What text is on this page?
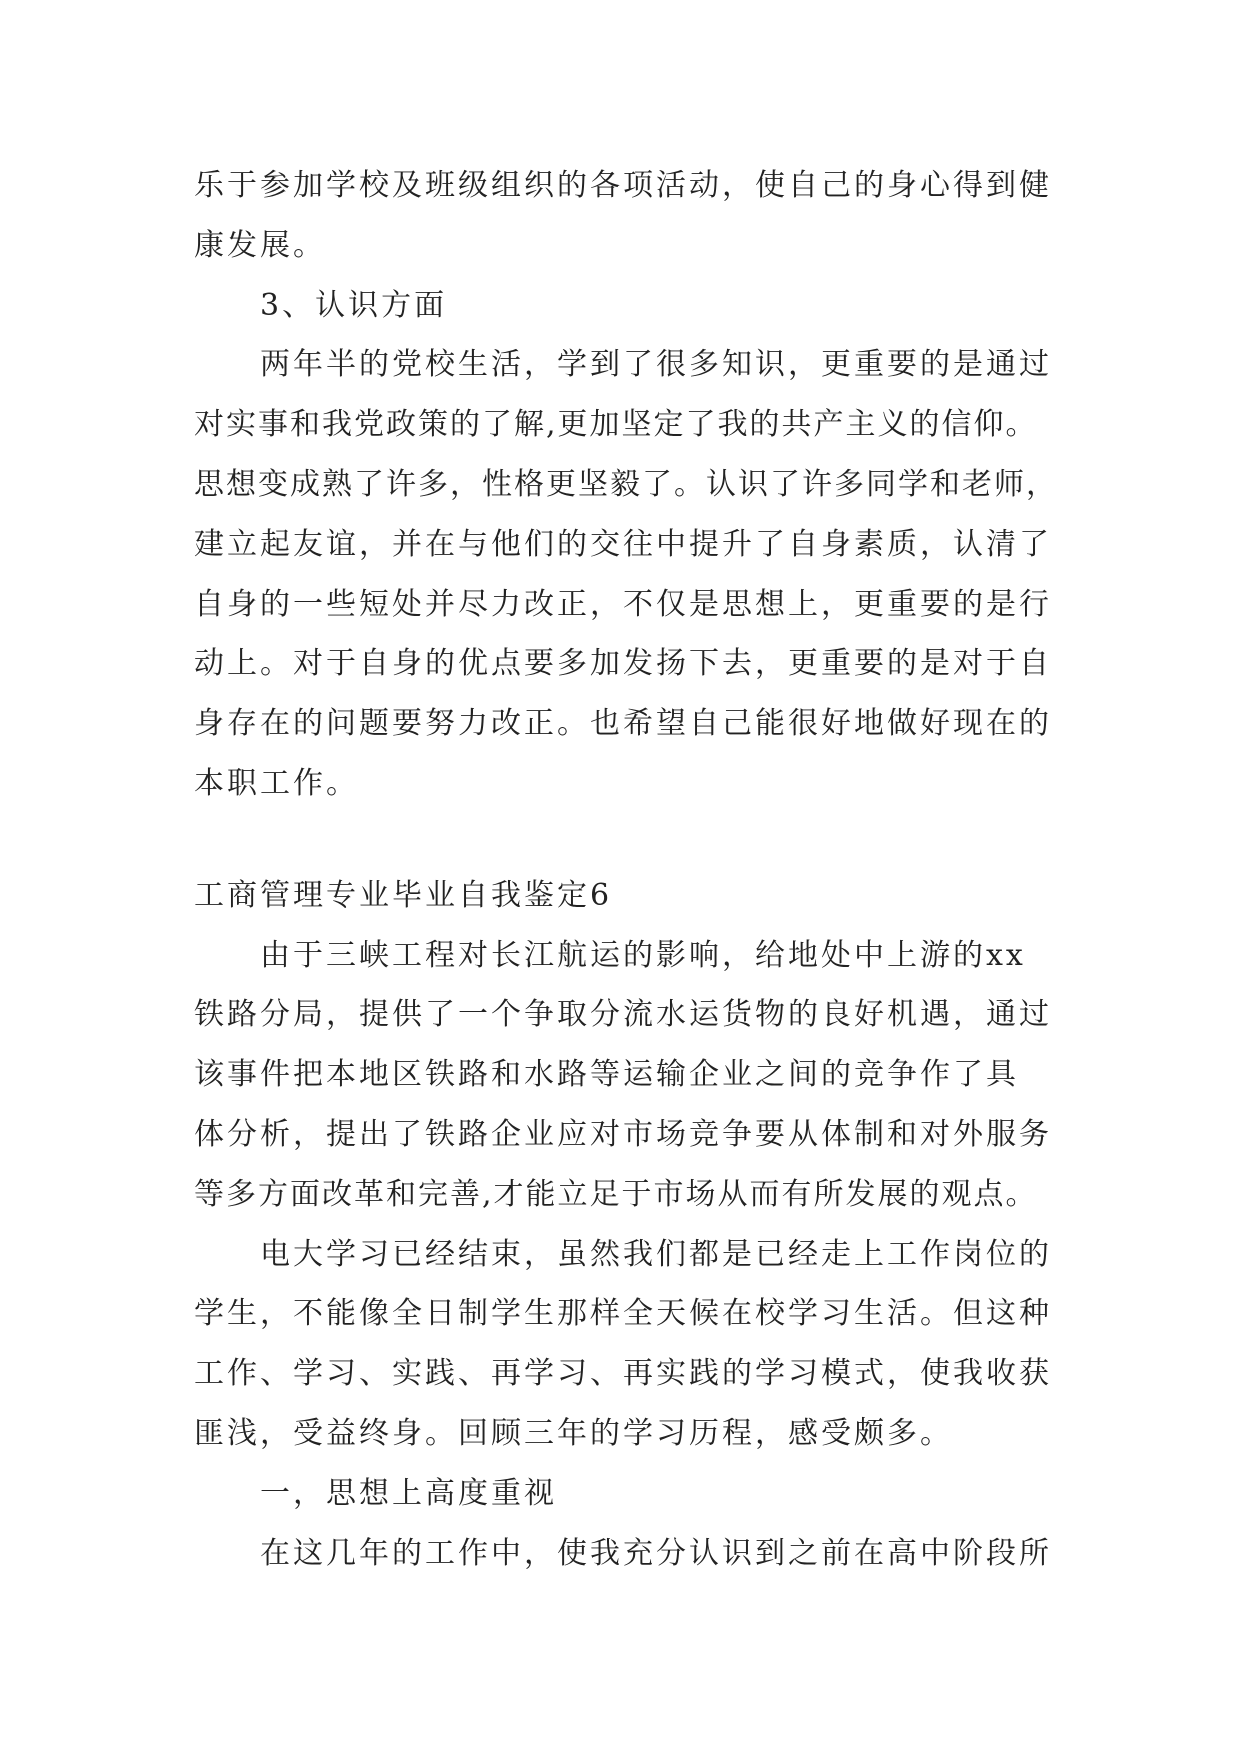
乐于参加学校及班级组织的各项活动，使自己的身心得到健
康发展。
3、认识方面
两年半的党校生活，学到了很多知识，更重要的是通过
对实事和我党政策的了解,更加坚定了我的共产主义的信仰。
思想变成熟了许多，性格更坚毅了。认识了许多同学和老师，
建立起友谊，并在与他们的交往中提升了自身素质，认清了
自身的一些短处并尽力改正，不仅是思想上，更重要的是行
动上。对于自身的优点要多加发扬下去，更重要的是对于自
身存在的问题要努力改正。也希望自己能很好地做好现在的
本职工作。
工商管理专业毕业自我鉴定6
由于三峡工程对长江航运的影响，给地处中上游的xx
铁路分局，提供了一个争取分流水运货物的良好机遇，通过
该事件把本地区铁路和水路等运输企业之间的竞争作了具
体分析，提出了铁路企业应对市场竞争要从体制和对外服务
等多方面改革和完善,才能立足于市场从而有所发展的观点。
电大学习已经结束，虽然我们都是已经走上工作岗位的
学生，不能像全日制学生那样全天候在校学习生活。但这种
工作、学习、实践、再学习、再实践的学习模式，使我收获
匪浅，受益终身。回顾三年的学习历程，感受颇多。
一，思想上高度重视
在这几年的工作中，使我充分认识到之前在高中阶段所
